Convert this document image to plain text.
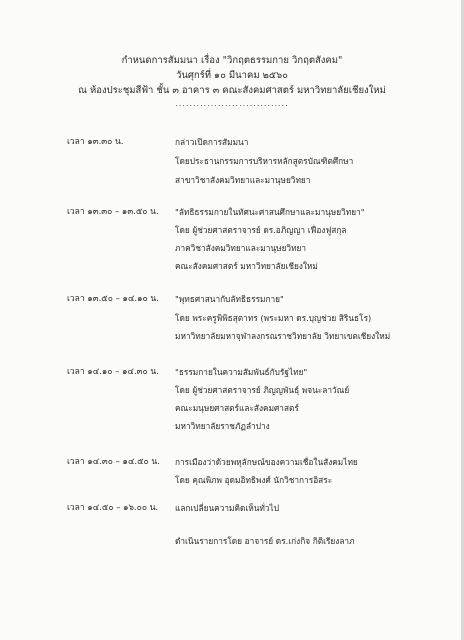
กำหนดการสัมมนา เรื่อง "วิกฤตธรรมกาย วิกฤตสังคม"
วันศุกร์ที่ ๑๐ มีนาคม ๒๕๖๐
ณ ห้องประชุมสีฟ้า ชั้น ๓ อาคาร ๓ คณะสังคมศาสตร์ มหาวิทยาลัยเชียงใหม่
................................
เวลา ๑๓.๓๐ น.	กล่าวเปิดการสัมมนา
โดยประธานกรรมการบริหารหลักสูตรบัณฑิตศึกษา
สาขาวิชาสังคมวิทยาและมานุษยวิทยา
เวลา ๑๓.๓๐ – ๑๓.๕๐ น. "ลัทธิธรรมกายในทัศนะศาสนศึกษาและมานุษยวิทยา"
โดย ผู้ช่วยศาสตราจารย์ ดร.อภิญญา เฟื่องฟูสกุล
ภาควิชาสังคมวิทยาและมานุษยวิทยา
คณะสังคมศาสตร์ มหาวิทยาลัยเชียงใหม่
เวลา ๑๓.๕๐ – ๑๔.๑๐ น. "พุทธศาสนากับลัทธิธรรมกาย"
โดย พระครูพิพิธสุตาทร (พระมหา ดร.บุญช่วย สิรินธโร)
มหาวิทยาลัยมหาจุฬาลงกรณราชวิทยาลัย วิทยาเขตเชียงใหม่
เวลา ๑๔.๑๐ – ๑๔.๓๐ น. "ธรรมกายในความสัมพันธ์กับรัฐไทย"
โดย ผู้ช่วยศาสตราจารย์ ภิญญพันธุ์ พจนะลาวัณย์
คณะมนุษยศาสตร์และสังคมศาสตร์
มหาวิทยาลัยราชภัฏลำปาง
เวลา ๑๔.๓๐ – ๑๔.๕๐ น. การเมืองว่าด้วยพหุลักษณ์ของความเชื่อในสังคมไทย
โดย คุณพิภพ อุดมอิทธิพงศ์ นักวิชาการอิสระ
เวลา ๑๔.๕๐ – ๑๖.๐๐ น. แลกเปลี่ยนความคิดเห็นทั่วไป
ดำเนินรายการโดย อาจารย์ ดร.เก่งกิจ กิติเรียงลาภ
